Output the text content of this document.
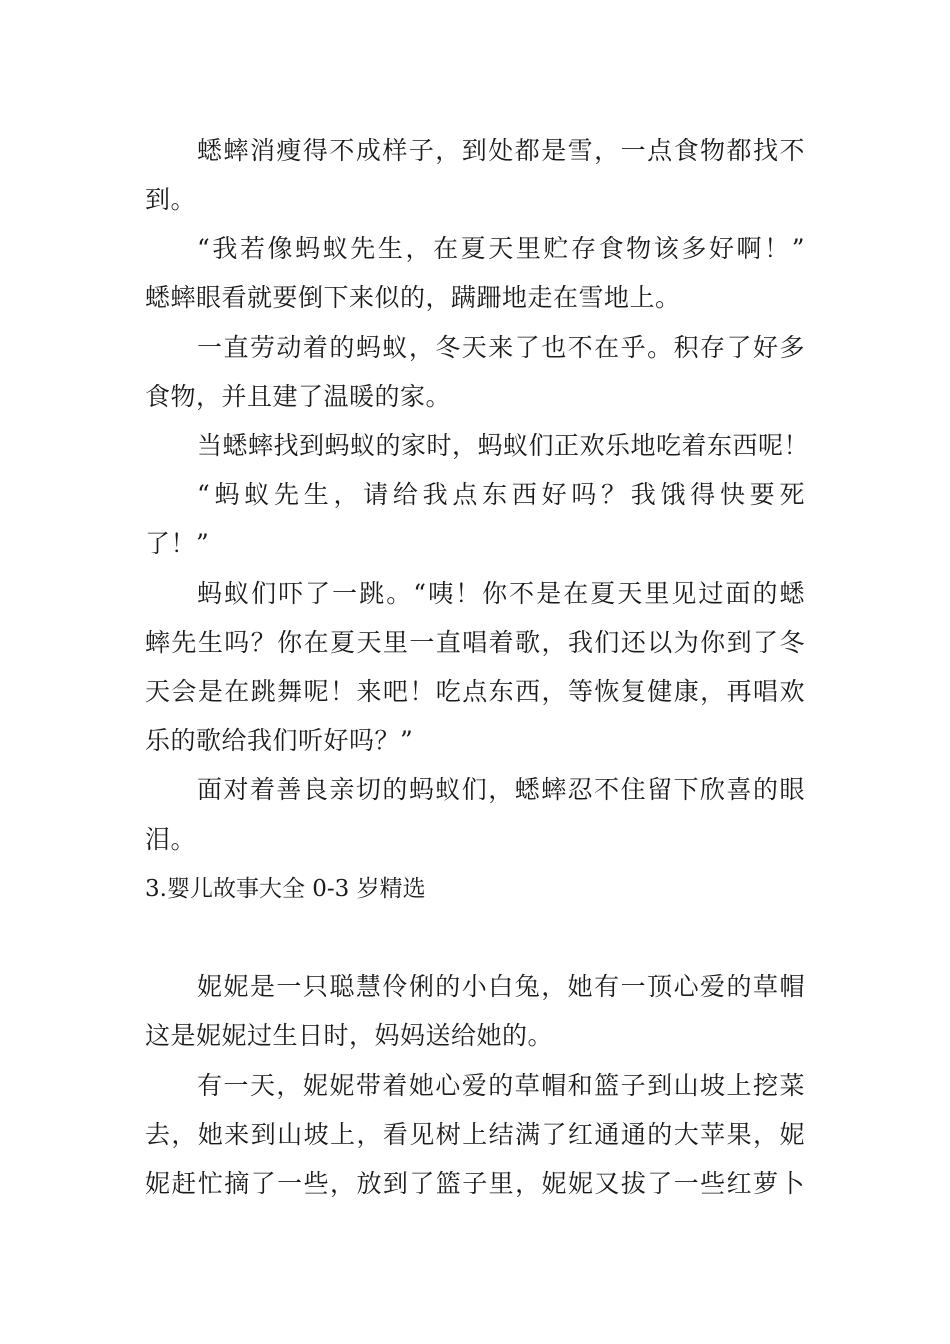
蟋蟀消瘦得不成样子，到处都是雪，一点食物都找不
到。
“我若像蚂蚁先生，在夏天里贮存食物该多好啊！”
蟋蟀眼看就要倒下来似的，蹒跚地走在雪地上。
一直劳动着的蚂蚁，冬天来了也不在乎。积存了好多
食物，并且建了温暖的家。
当蟋蟀找到蚂蚁的家时，蚂蚁们正欢乐地吃着东西呢！
“蚂蚁先生，请给我点东西好吗？我饿得快要死
了！”
蚂蚁们吓了一跳。“咦！你不是在夏天里见过面的蟋
蟀先生吗？你在夏天里一直唱着歌，我们还以为你到了冬
天会是在跳舞呢！来吧！吃点东西，等恢复健康，再唱欢
乐的歌给我们听好吗？”
面对着善良亲切的蚂蚁们，蟋蟀忍不住留下欣喜的眼
泪。
3.婴儿故事大全 0-3 岁精选
妮妮是一只聪慧伶俐的小白兔，她有一顶心爱的草帽
这是妮妮过生日时，妈妈送给她的。
有一天，妮妮带着她心爱的草帽和篮子到山坡上挖菜
去，她来到山坡上，看见树上结满了红通通的大苹果，妮
妮赶忙摘了一些，放到了篮子里，妮妮又拔了一些红萝卜
